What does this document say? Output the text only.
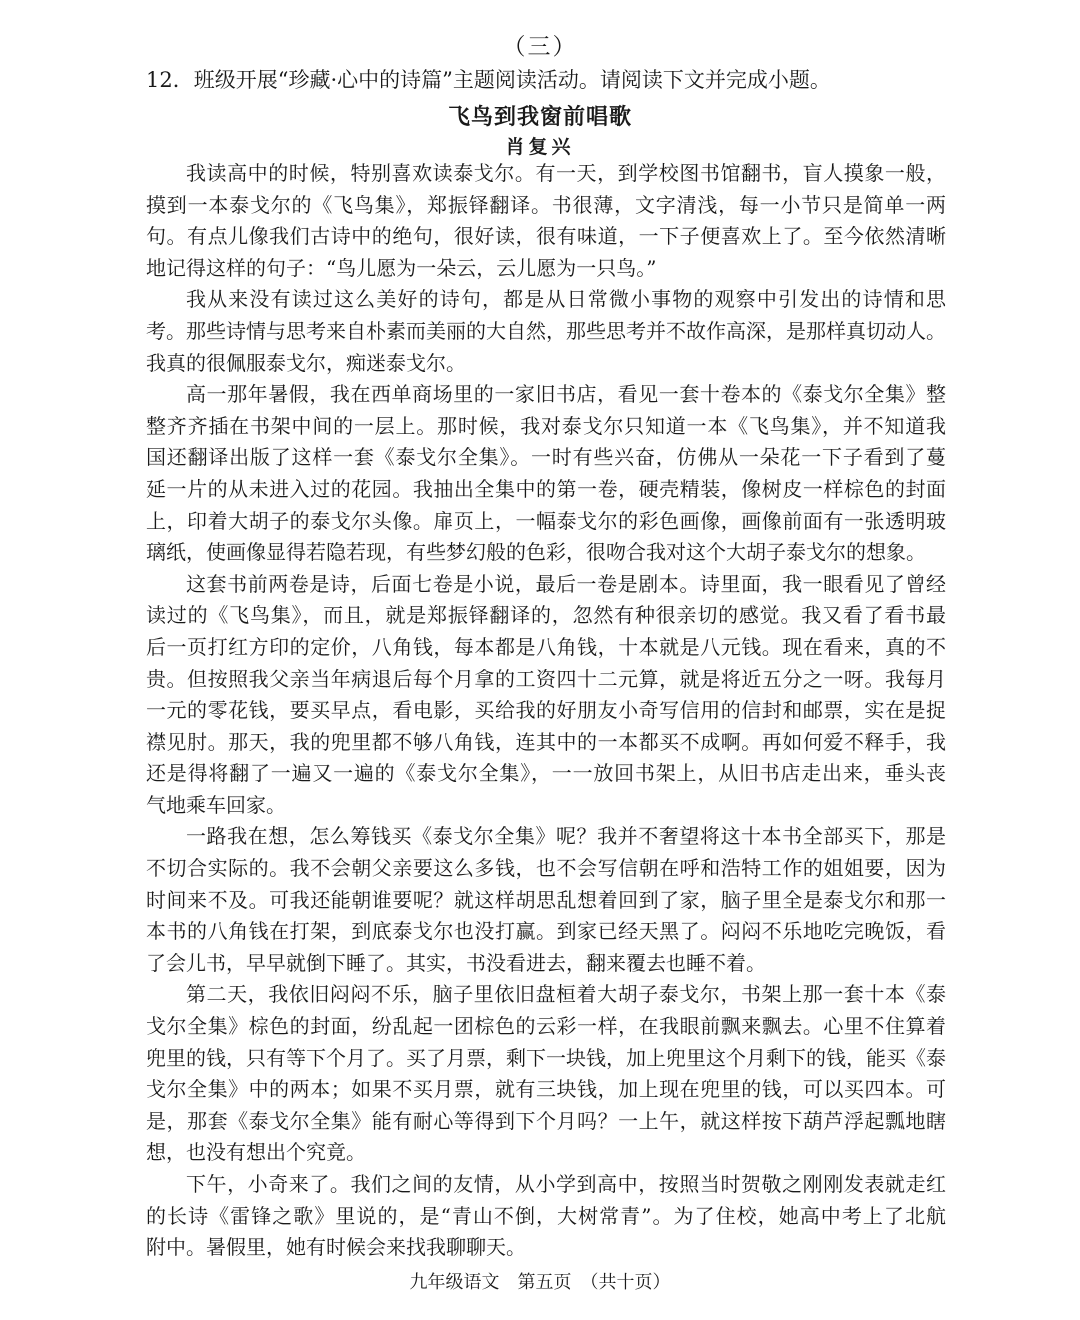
（三）
12．班级开展“珍藏·心中的诗篇”主题阅读活动。请阅读下文并完成小题。
飞鸟到我窗前唱歌
肖复兴
我读高中的时候，特别喜欢读泰戈尔。有一天，到学校图书馆翻书，盲人摸象一般，
摸到一本泰戈尔的《飞鸟集》，郑振铎翻译。书很薄，文字清浅，每一小节只是简单一两
句。有点儿像我们古诗中的绝句，很好读，很有味道，一下子便喜欢上了。至今依然清晰
地记得这样的句子：“鸟儿愿为一朵云，云儿愿为一只鸟。”
我从来没有读过这么美好的诗句，都是从日常微小事物的观察中引发出的诗情和思
考。那些诗情与思考来自朴素而美丽的大自然，那些思考并不故作高深，是那样真切动人。
我真的很佩服泰戈尔，痴迷泰戈尔。
高一那年暑假，我在西单商场里的一家旧书店，看见一套十卷本的《泰戈尔全集》整
整齐齐插在书架中间的一层上。那时候，我对泰戈尔只知道一本《飞鸟集》，并不知道我
国还翻译出版了这样一套《泰戈尔全集》。一时有些兴奋，仿佛从一朵花一下子看到了蔓
延一片的从未进入过的花园。我抽出全集中的第一卷，硬壳精装，像树皮一样棕色的封面
上，印着大胡子的泰戈尔头像。扉页上，一幅泰戈尔的彩色画像，画像前面有一张透明玻
璃纸，使画像显得若隐若现，有些梦幻般的色彩，很吻合我对这个大胡子泰戈尔的想象。
这套书前两卷是诗，后面七卷是小说，最后一卷是剧本。诗里面，我一眼看见了曾经
读过的《飞鸟集》，而且，就是郑振铎翻译的，忽然有种很亲切的感觉。我又看了看书最
后一页打红方印的定价，八角钱，每本都是八角钱，十本就是八元钱。现在看来，真的不
贵。但按照我父亲当年病退后每个月拿的工资四十二元算，就是将近五分之一呀。我每月
一元的零花钱，要买早点，看电影，买给我的好朋友小奇写信用的信封和邮票，实在是捉
襟见肘。那天，我的兜里都不够八角钱，连其中的一本都买不成啊。再如何爱不释手，我
还是得将翻了一遍又一遍的《泰戈尔全集》，一一放回书架上，从旧书店走出来，垂头丧
气地乘车回家。
一路我在想，怎么筹钱买《泰戈尔全集》呢？我并不奢望将这十本书全部买下，那是
不切合实际的。我不会朝父亲要这么多钱，也不会写信朝在呼和浩特工作的姐姐要，因为
时间来不及。可我还能朝谁要呢？就这样胡思乱想着回到了家，脑子里全是泰戈尔和那一
本书的八角钱在打架，到底泰戈尔也没打赢。到家已经天黑了。闷闷不乐地吃完晚饭，看
了会儿书，早早就倒下睡了。其实，书没看进去，翻来覆去也睡不着。
第二天，我依旧闷闷不乐，脑子里依旧盘桓着大胡子泰戈尔，书架上那一套十本《泰
戈尔全集》棕色的封面，纷乱起一团棕色的云彩一样，在我眼前飘来飘去。心里不住算着
兜里的钱，只有等下个月了。买了月票，剩下一块钱，加上兜里这个月剩下的钱，能买《泰
戈尔全集》中的两本；如果不买月票，就有三块钱，加上现在兜里的钱，可以买四本。可
是，那套《泰戈尔全集》能有耐心等得到下个月吗？一上午，就这样按下葫芦浮起瓢地瞎
想，也没有想出个究竟。
下午，小奇来了。我们之间的友情，从小学到高中，按照当时贺敬之刚刚发表就走红
的长诗《雷锋之歌》里说的，是“青山不倒，大树常青”。为了住校，她高中考上了北航
附中。暑假里，她有时候会来找我聊聊天。
九年级语文　第五页　（共十页）
